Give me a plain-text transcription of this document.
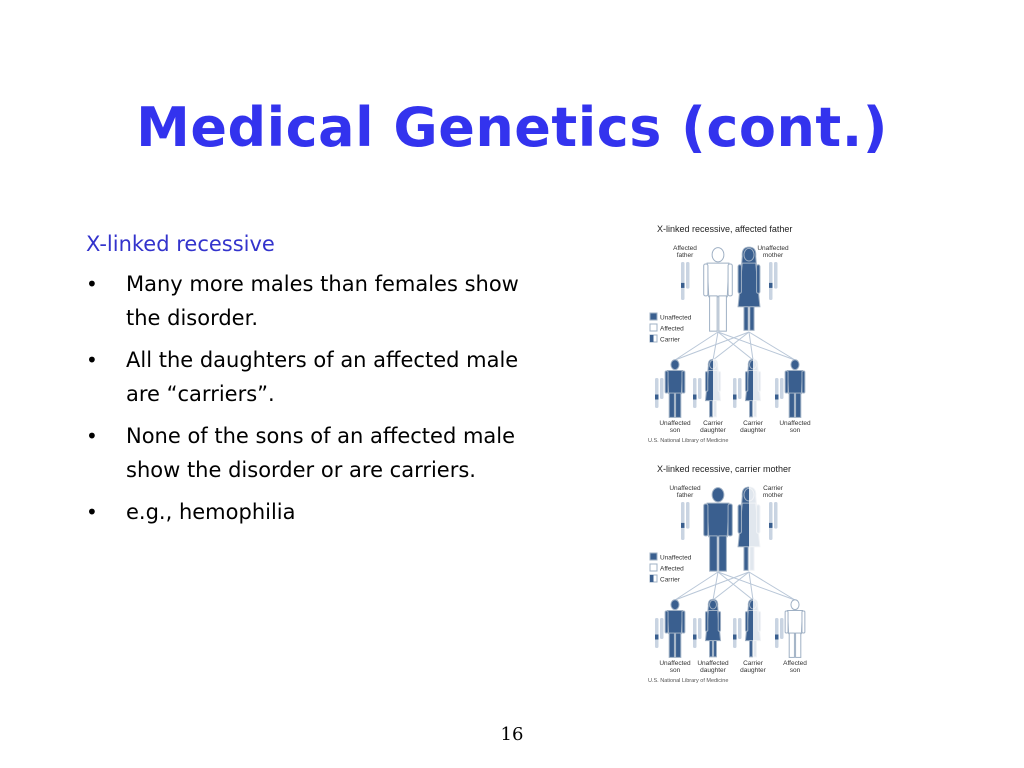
Medical Genetics (cont.)
X-linked recessive
• Many more males than females show the disorder.
• All the daughters of an affected male are “carriers”.
• None of the sons of an affected male show the disorder or are carriers.
• e.g., hemophilia
X-linked recessive, affected father
Affected
father
Unaffected
mother
Unaffected
Affected
Carrier
Unaffected
son
Carrier
daughter
Carrier
daughter
Unaffected
son
U.S. National Library of Medicine
X-linked recessive, carrier mother
Unaffected
father
Carrier
mother
Unaffected
Affected
Carrier
Unaffected
son
Unaffected
daughter
Carrier
daughter
Affected
son
U.S. National Library of Medicine
16
